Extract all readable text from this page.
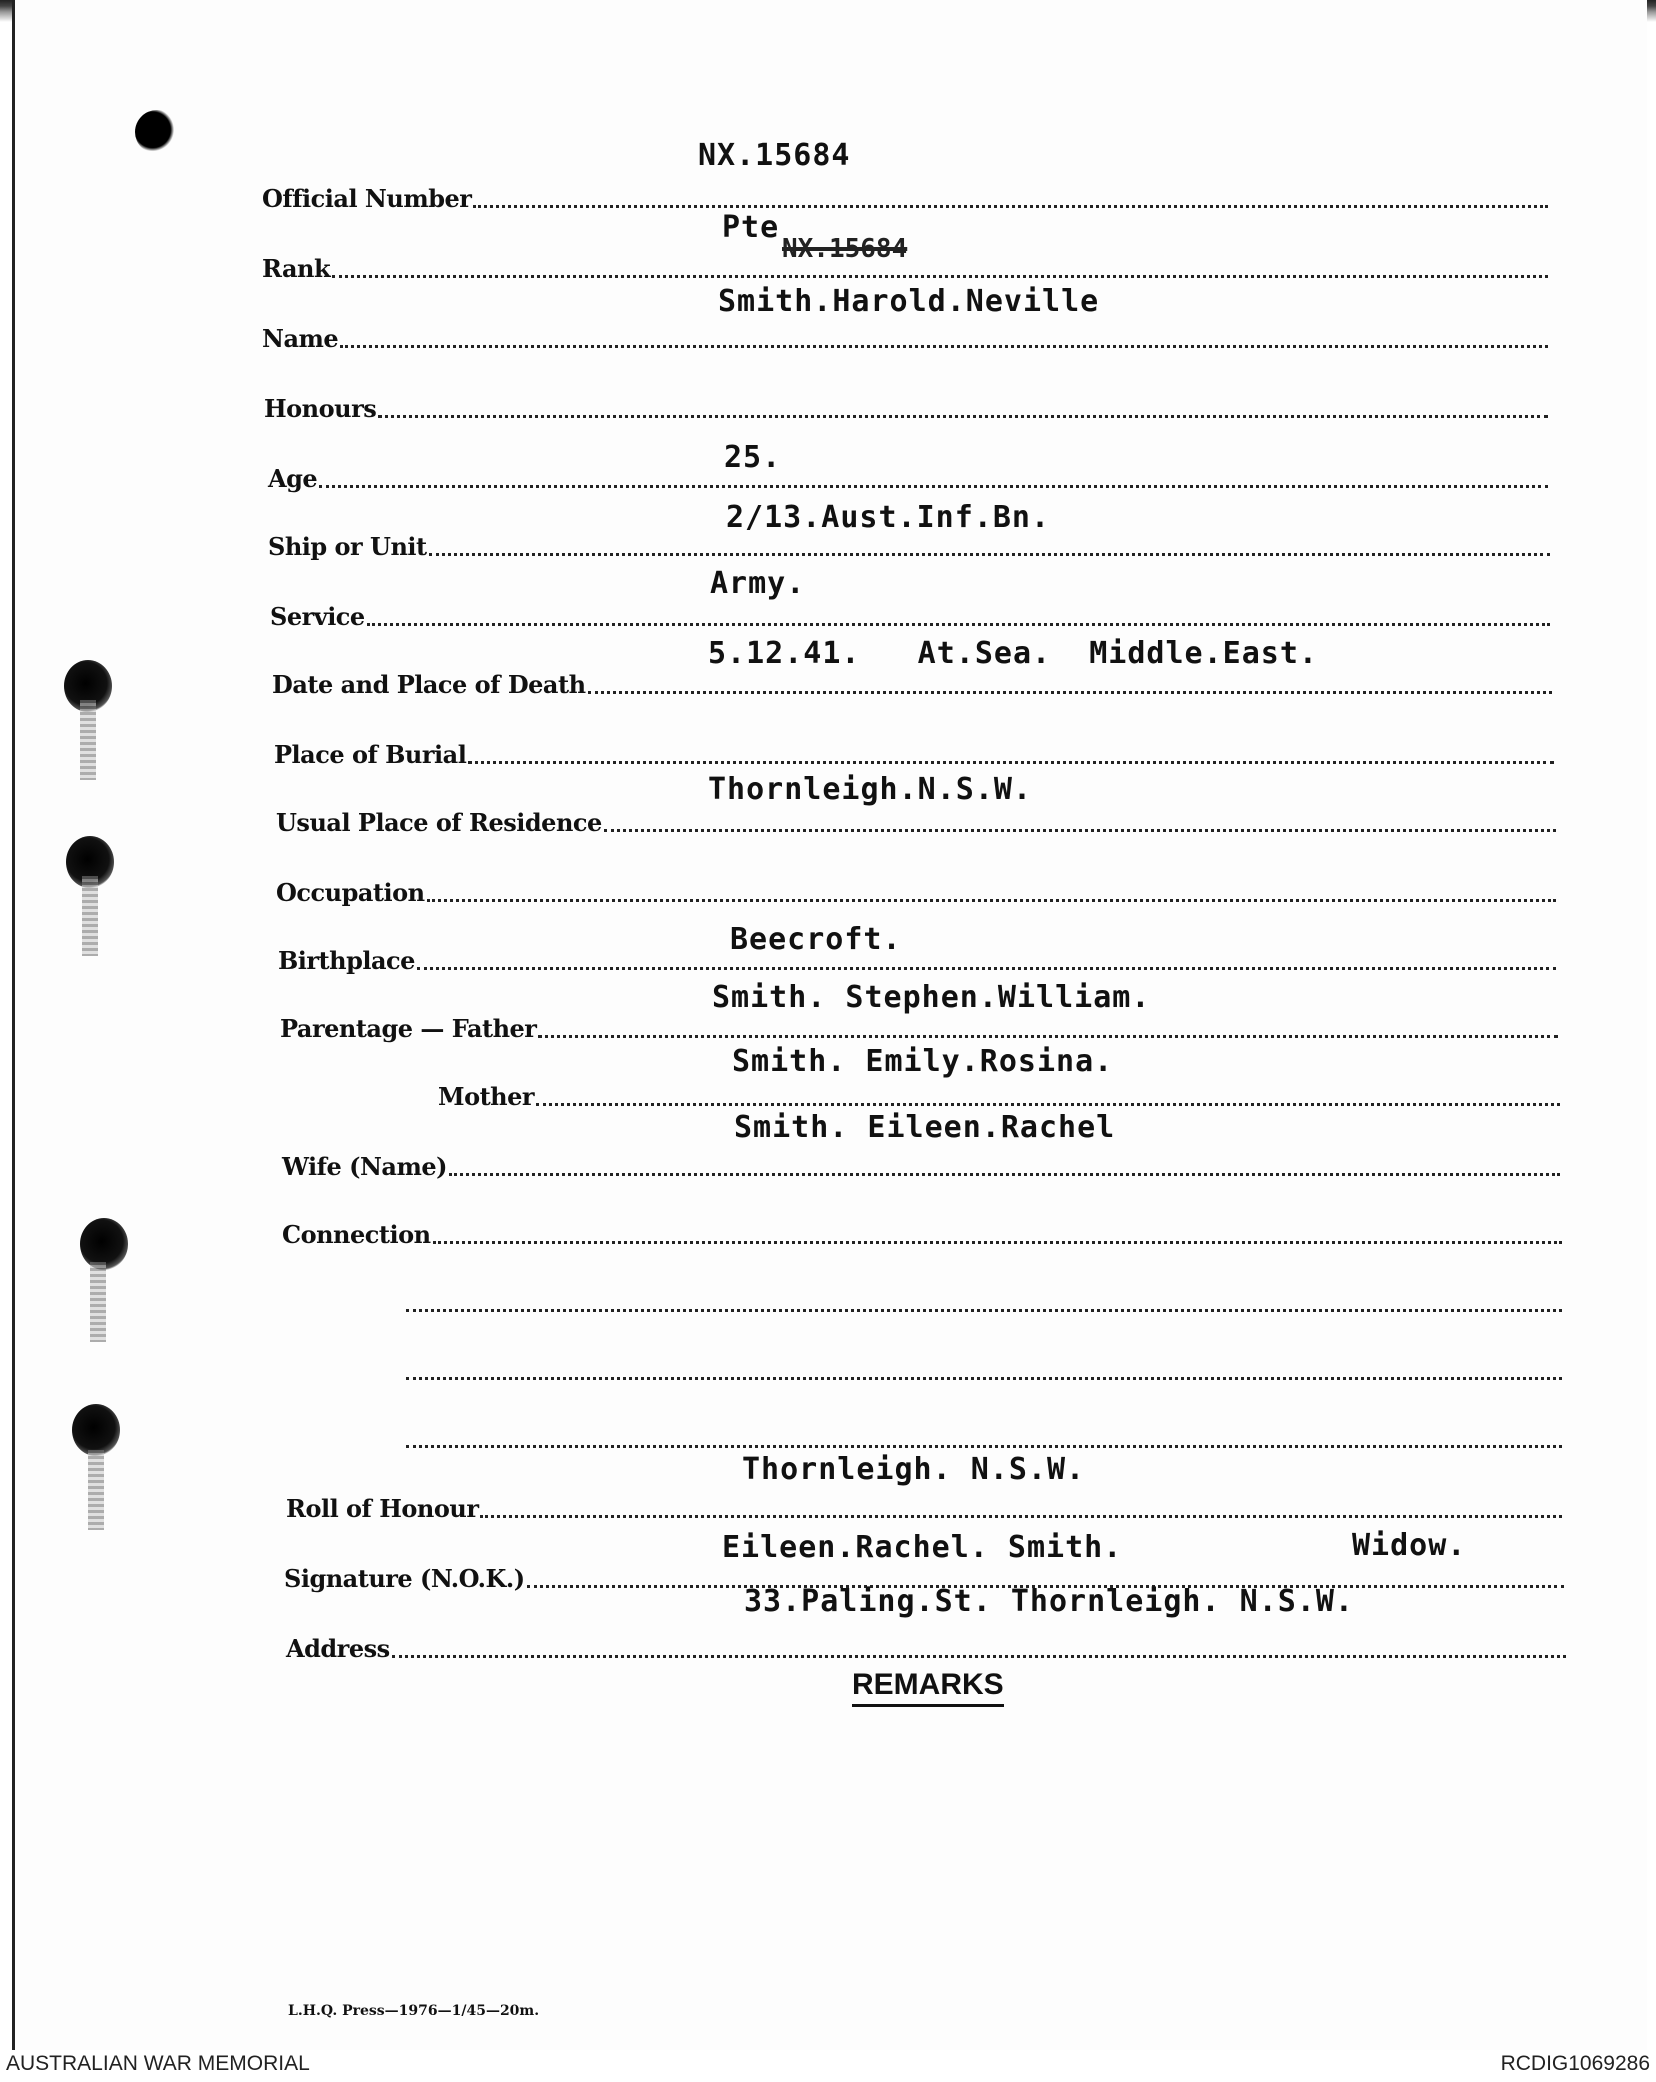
Official Number
NX.15684
Rank
Pte
NX.15684
Name
Smith.Harold.Neville
Honours
Age
25.
Ship or Unit
2/13.Aust.Inf.Bn.
Service
Army.
Date and Place of Death
5.12.41.   At.Sea.  Middle.East.
Place of Burial
Usual Place of Residence
Thornleigh.N.S.W.
Occupation
Birthplace
Beecroft.
Parentage — Father
Smith. Stephen.William.
Mother
Smith. Emily.Rosina.
Wife (Name)
Smith. Eileen.Rachel
Connection
Roll of Honour
Thornleigh. N.S.W.
Signature (N.O.K.)
Eileen.Rachel. Smith.	Widow.
Address
33.Paling.St. Thornleigh. N.S.W.
REMARKS
L.H.Q. Press—1976—1/45—20m.
AUSTRALIAN WAR MEMORIAL	RCDIG1069286
